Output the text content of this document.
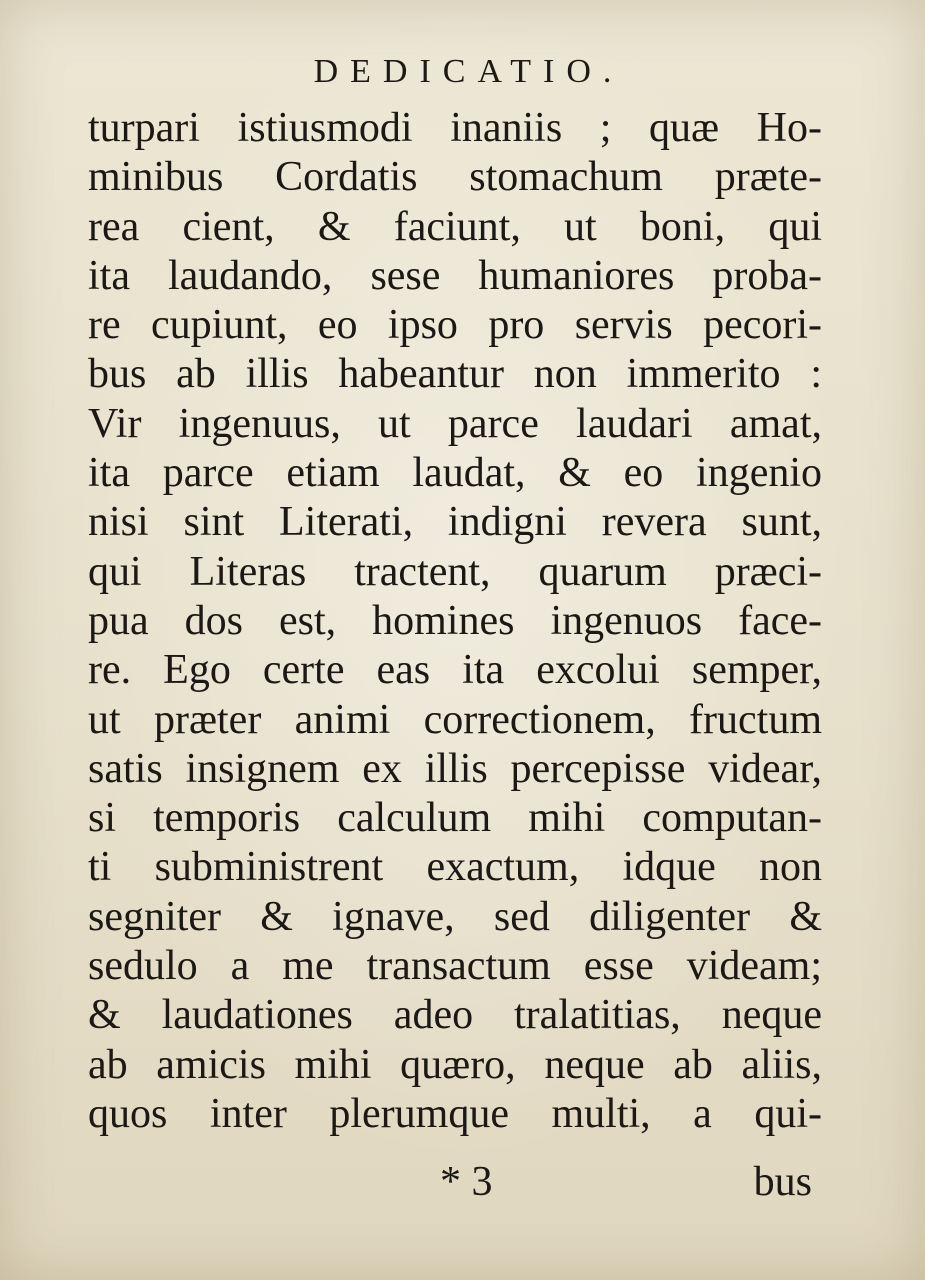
DEDICATIO.
turpari istiusmodi inaniis ; quæ Ho-
minibus Cordatis stomachum præte-
rea cient, & faciunt, ut boni, qui
ita laudando, sese humaniores proba-
re cupiunt, eo ipso pro servis pecori-
bus ab illis habeantur non immerito :
Vir ingenuus, ut parce laudari amat,
ita parce etiam laudat, & eo ingenio
nisi sint Literati, indigni revera sunt,
qui Literas tractent, quarum præci-
pua dos est, homines ingenuos face-
re. Ego certe eas ita excolui semper,
ut præter animi correctionem, fructum
satis insignem ex illis percepisse videar,
si temporis calculum mihi computan-
ti subministrent exactum, idque non
segniter & ignave, sed diligenter &
sedulo a me transactum esse videam;
& laudationes adeo tralatitias, neque
ab amicis mihi quæro, neque ab aliis,
quos inter plerumque multi, a qui-
* 3	bus
